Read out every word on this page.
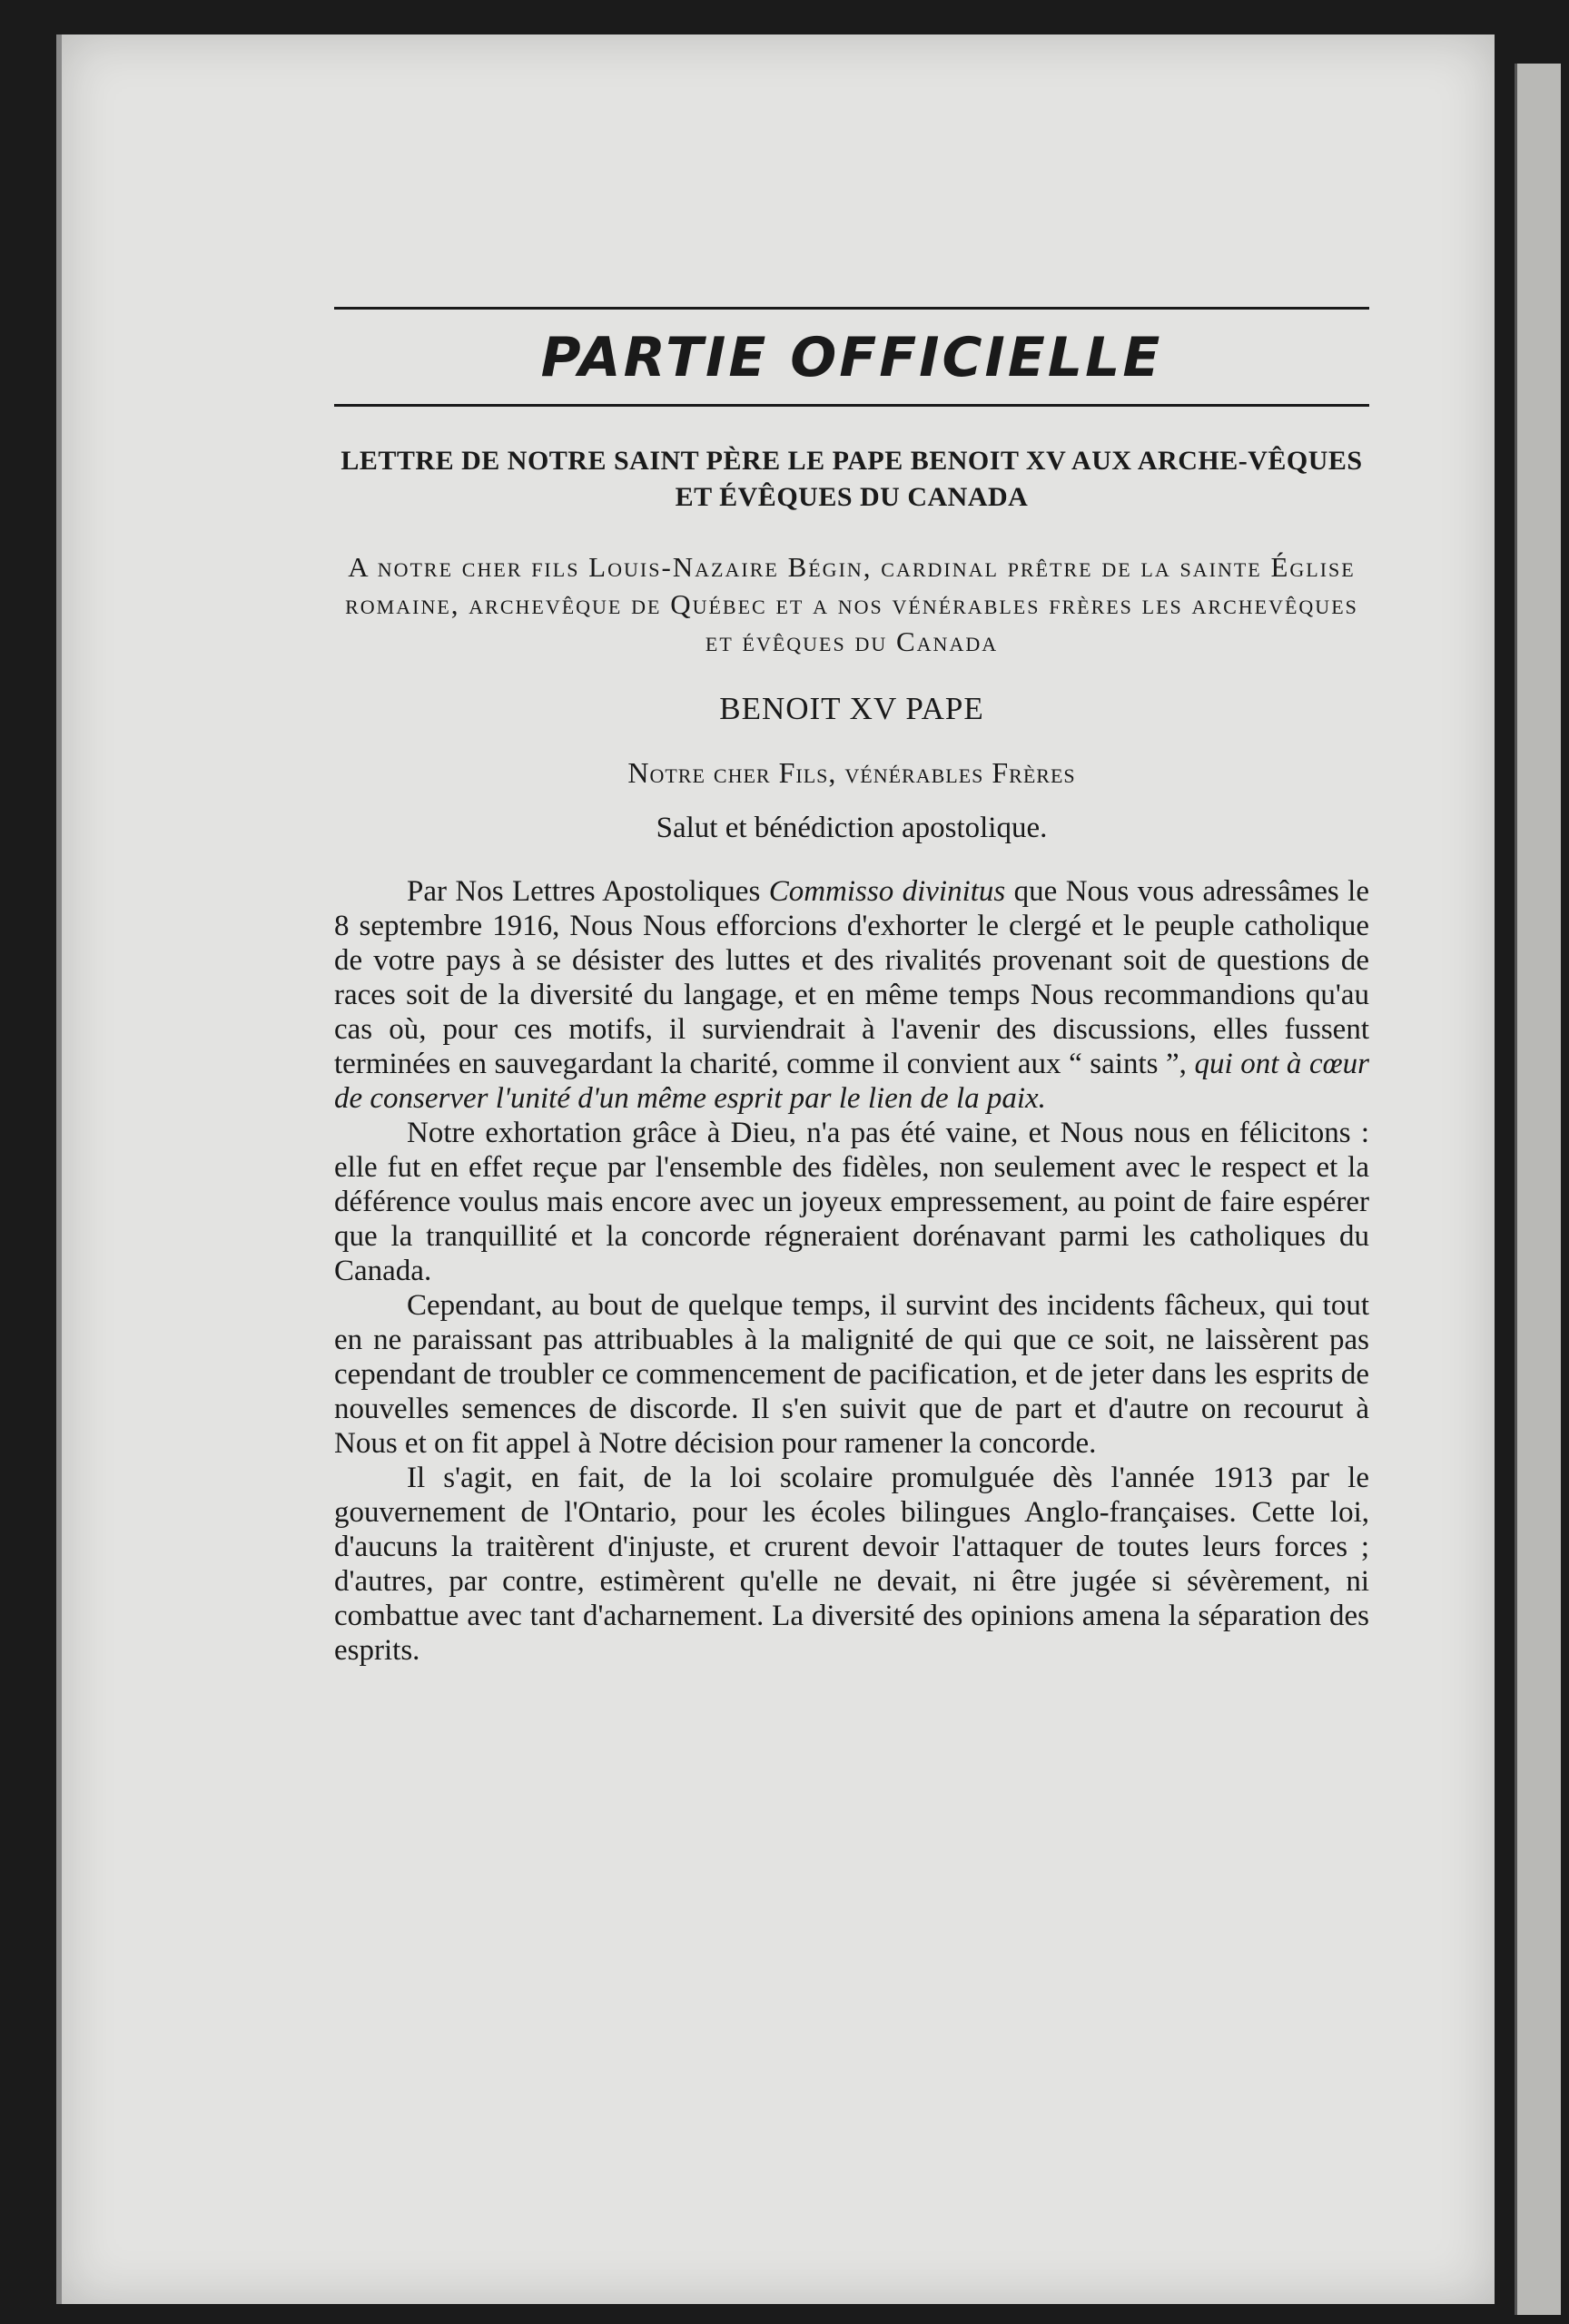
PARTIE OFFICIELLE
LETTRE DE NOTRE SAINT PÈRE LE PAPE BENOIT XV AUX ARCHE-VÊQUES ET ÉVÊQUES DU CANADA
A notre cher fils Louis-Nazaire Bégin, cardinal prêtre de la sainte Église romaine, archevêque de Québec et a nos vénérables frères les archevêques et évêques du Canada
BENOIT XV PAPE
Notre cher Fils, vénérables Frères
Salut et bénédiction apostolique.

Par Nos Lettres Apostoliques Commisso divinitus que Nous vous adressâmes le 8 septembre 1916, Nous Nous efforcions d'exhorter le clergé et le peuple catholique de votre pays à se désister des luttes et des rivalités provenant soit de questions de races soit de la diversité du langage, et en même temps Nous recommandions qu'au cas où, pour ces motifs, il surviendrait à l'avenir des discussions, elles fussent terminées en sauvegardant la charité, comme il convient aux “ saints ”, qui ont à cœur de conserver l'unité d'un même esprit par le lien de la paix.

Notre exhortation grâce à Dieu, n'a pas été vaine, et Nous nous en félicitons : elle fut en effet reçue par l'ensemble des fidèles, non seulement avec le respect et la déférence voulus mais encore avec un joyeux empressement, au point de faire espérer que la tranquillité et la concorde régneraient dorénavant parmi les catholiques du Canada.

Cependant, au bout de quelque temps, il survint des incidents fâcheux, qui tout en ne paraissant pas attribuables à la malignité de qui que ce soit, ne laissèrent pas cependant de troubler ce commencement de pacification, et de jeter dans les esprits de nouvelles semences de discorde. Il s'en suivit que de part et d'autre on recourut à Nous et on fit appel à Notre décision pour ramener la concorde.

Il s'agit, en fait, de la loi scolaire promulguée dès l'année 1913 par le gouvernement de l'Ontario, pour les écoles bilingues Anglo-françaises. Cette loi, d'aucuns la traitèrent d'injuste, et crurent devoir l'attaquer de toutes leurs forces ; d'autres, par contre, estimèrent qu'elle ne devait, ni être jugée si sévèrement, ni combattue avec tant d'acharnement. La diversité des opinions amena la séparation des esprits.
